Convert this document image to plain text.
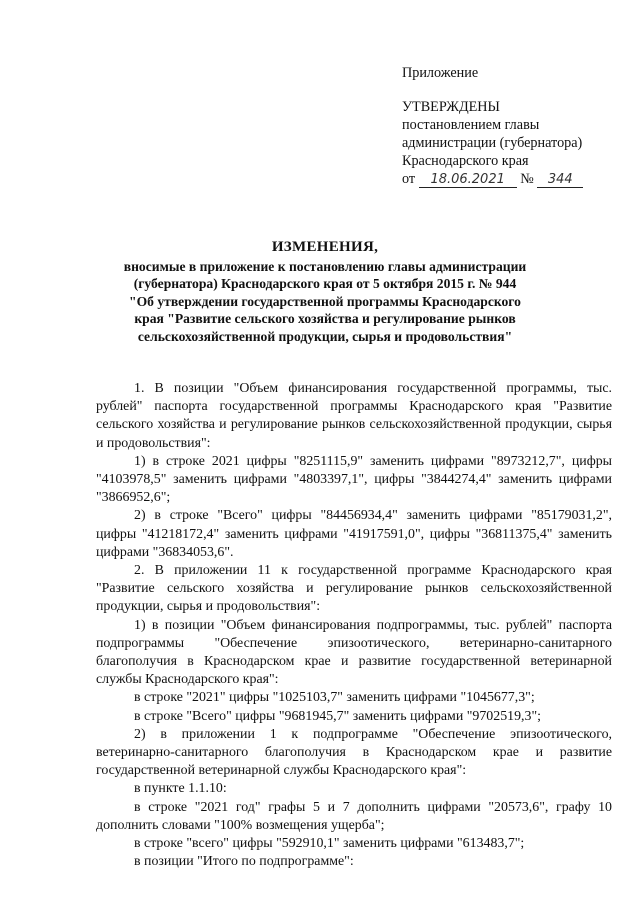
Приложение
УТВЕРЖДЕНЫ
постановлением главы
администрации (губернатора)
Краснодарского края
от 18.06.2021 № 344
ИЗМЕНЕНИЯ,
вносимые в приложение к постановлению главы администрации
(губернатора) Краснодарского края от 5 октября 2015 г. № 944
"Об утверждении государственной программы Краснодарского
края "Развитие сельского хозяйства и регулирование рынков
сельскохозяйственной продукции, сырья и продовольствия"

1. В позиции "Объем финансирования государственной программы, тыс. рублей" паспорта государственной программы Краснодарского края "Развитие сельского хозяйства и регулирование рынков сельскохозяйственной продукции, сырья и продовольствия":

1) в строке 2021 цифры "8251115,9" заменить цифрами "8973212,7", цифры "4103978,5" заменить цифрами "4803397,1", цифры "3844274,4" заменить цифрами "3866952,6";

2) в строке "Всего" цифры "84456934,4" заменить цифрами "85179031,2", цифры "41218172,4" заменить цифрами "41917591,0", цифры "36811375,4" заменить цифрами "36834053,6".

2. В приложении 11 к государственной программе Краснодарского края "Развитие сельского хозяйства и регулирование рынков сельскохозяйственной продукции, сырья и продовольствия":

1) в позиции "Объем финансирования подпрограммы, тыс. рублей" паспорта подпрограммы "Обеспечение эпизоотического, ветеринарно-санитарного благополучия в Краснодарском крае и развитие государственной ветеринарной службы Краснодарского края":

в строке "2021" цифры "1025103,7" заменить цифрами "1045677,3";

в строке "Всего" цифры "9681945,7" заменить цифрами "9702519,3";

2) в приложении 1 к подпрограмме "Обеспечение эпизоотического, ветеринарно-санитарного благополучия в Краснодарском крае и развитие государственной ветеринарной службы Краснодарского края":

в пункте 1.1.10:

в строке "2021 год" графы 5 и 7 дополнить цифрами "20573,6", графу 10 дополнить словами "100% возмещения ущерба";

в строке "всего" цифры "592910,1" заменить цифрами "613483,7";

в позиции "Итого по подпрограмме":
